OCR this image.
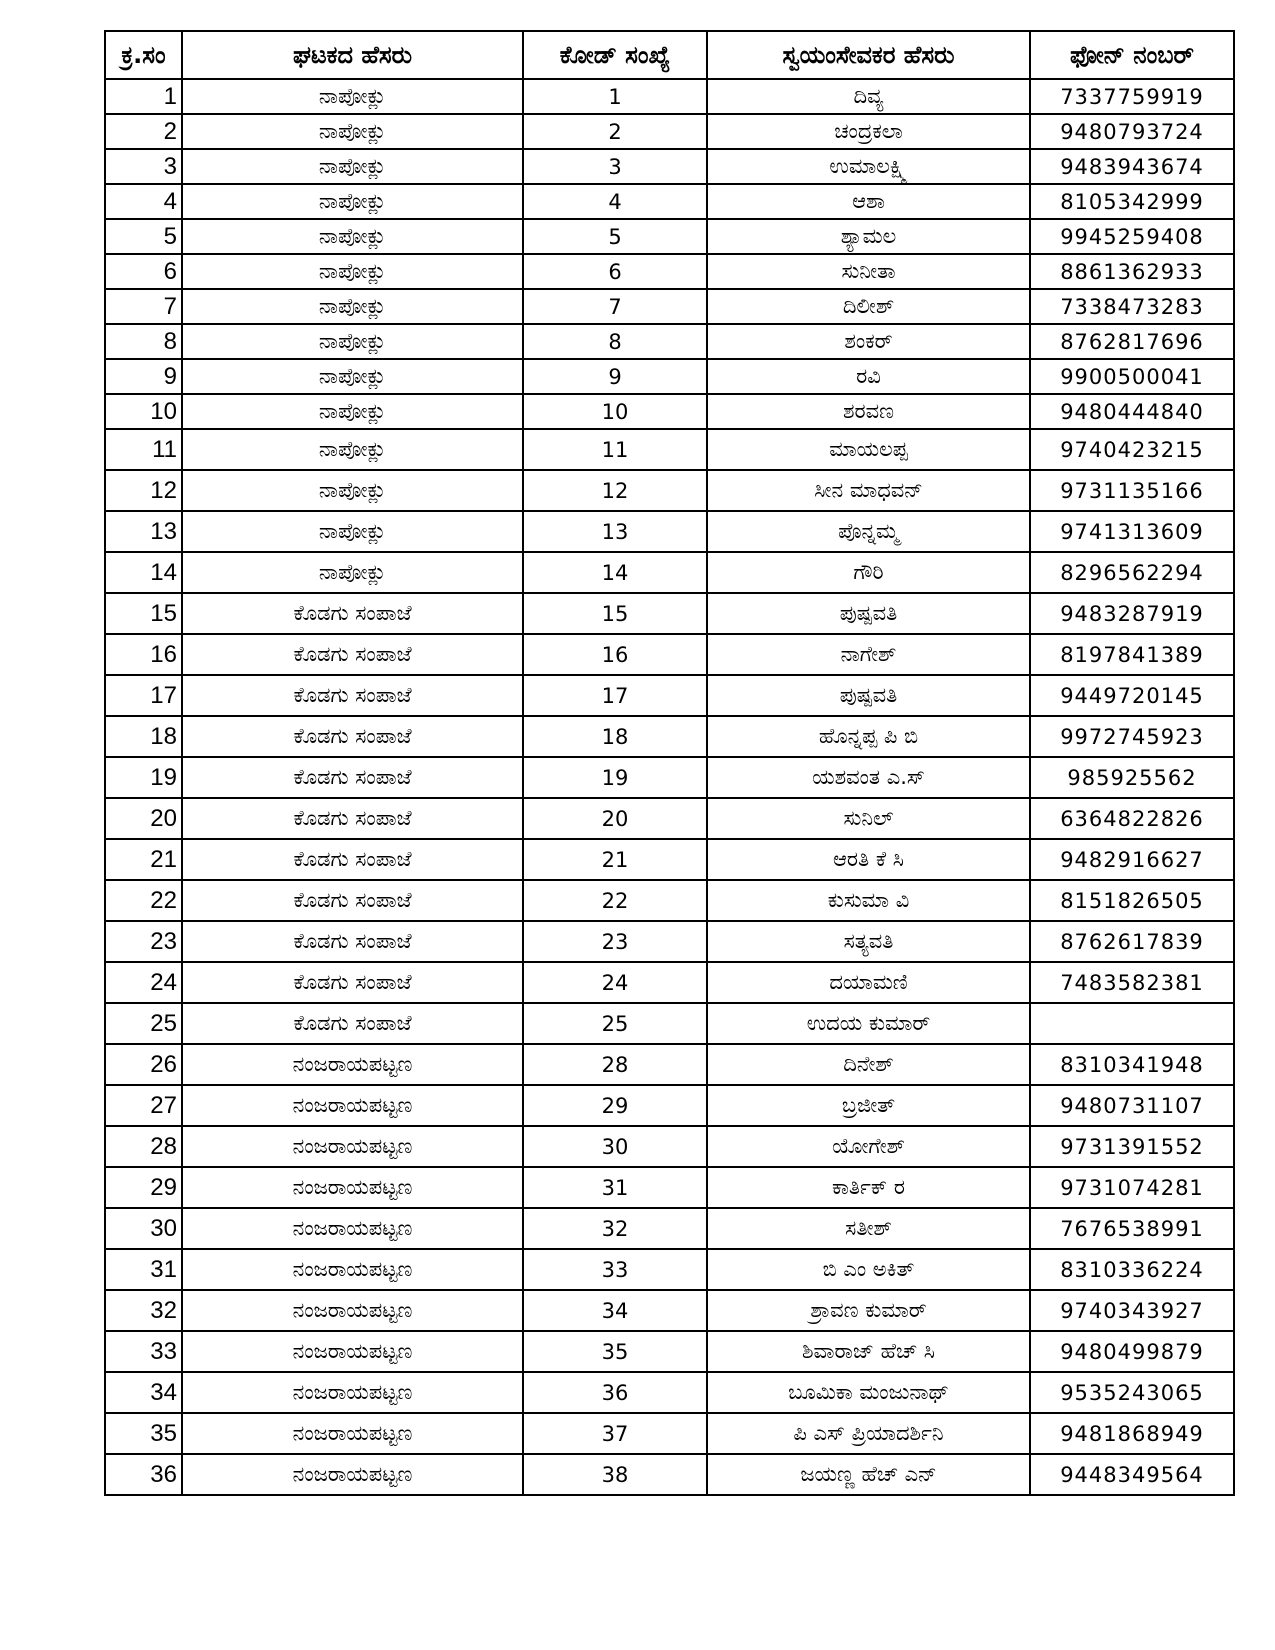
ಕ್ರ.ಸಂ	ಘಟಕದ ಹೆಸರು	ಕೋಡ್ ಸಂಖ್ಯೆ	ಸ್ವಯಂಸೇವಕರ ಹೆಸರು	ಫೋನ್ ನಂಬರ್
1	ನಾಪೋಕ್ಲು	1	ದಿವ್ಯ	7337759919
2	ನಾಪೋಕ್ಲು	2	ಚಂದ್ರಕಲಾ	9480793724
3	ನಾಪೋಕ್ಲು	3	ಉಮಾಲಕ್ಷ್ಮಿ	9483943674
4	ನಾಪೋಕ್ಲು	4	ಆಶಾ	8105342999
5	ನಾಪೋಕ್ಲು	5	ಶ್ಯಾಮಲ	9945259408
6	ನಾಪೋಕ್ಲು	6	ಸುನೀತಾ	8861362933
7	ನಾಪೋಕ್ಲು	7	ದಿಲೀಶ್	7338473283
8	ನಾಪೋಕ್ಲು	8	ಶಂಕರ್	8762817696
9	ನಾಪೋಕ್ಲು	9	ರವಿ	9900500041
10	ನಾಪೋಕ್ಲು	10	ಶರವಣ	9480444840
11	ನಾಪೋಕ್ಲು	11	ಮಾಯಲಪ್ಪ	9740423215
12	ನಾಪೋಕ್ಲು	12	ಸೀನ ಮಾಧವನ್	9731135166
13	ನಾಪೋಕ್ಲು	13	ಪೊನ್ನಮ್ಮ	9741313609
14	ನಾಪೋಕ್ಲು	14	ಗೌರಿ	8296562294
15	ಕೊಡಗು ಸಂಪಾಜೆ	15	ಪುಷ್ಪವತಿ	9483287919
16	ಕೊಡಗು ಸಂಪಾಜೆ	16	ನಾಗೇಶ್	8197841389
17	ಕೊಡಗು ಸಂಪಾಜೆ	17	ಪುಷ್ಪವತಿ	9449720145
18	ಕೊಡಗು ಸಂಪಾಜೆ	18	ಹೊನ್ನಪ್ಪ ಪಿ ಬಿ	9972745923
19	ಕೊಡಗು ಸಂಪಾಜೆ	19	ಯಶವಂತ ಎ.ಸ್	985925562
20	ಕೊಡಗು ಸಂಪಾಜೆ	20	ಸುನಿಲ್	6364822826
21	ಕೊಡಗು ಸಂಪಾಜೆ	21	ಆರತಿ ಕೆ ಸಿ	9482916627
22	ಕೊಡಗು ಸಂಪಾಜೆ	22	ಕುಸುಮಾ ವಿ	8151826505
23	ಕೊಡಗು ಸಂಪಾಜೆ	23	ಸತ್ಯವತಿ	8762617839
24	ಕೊಡಗು ಸಂಪಾಜೆ	24	ದಯಾಮಣಿ	7483582381
25	ಕೊಡಗು ಸಂಪಾಜೆ	25	ಉದಯ ಕುಮಾರ್	
26	ನಂಜರಾಯಪಟ್ಟಣ	28	ದಿನೇಶ್	8310341948
27	ನಂಜರಾಯಪಟ್ಟಣ	29	ಬ್ರಜೀತ್	9480731107
28	ನಂಜರಾಯಪಟ್ಟಣ	30	ಯೋಗೇಶ್	9731391552
29	ನಂಜರಾಯಪಟ್ಟಣ	31	ಕಾರ್ತಿಕ್ ರ	9731074281
30	ನಂಜರಾಯಪಟ್ಟಣ	32	ಸತೀಶ್	7676538991
31	ನಂಜರಾಯಪಟ್ಟಣ	33	ಬಿ ಎಂ ಅಕಿತ್	8310336224
32	ನಂಜರಾಯಪಟ್ಟಣ	34	ಶ್ರಾವಣ ಕುಮಾರ್	9740343927
33	ನಂಜರಾಯಪಟ್ಟಣ	35	ಶಿವಾರಾಜ್ ಹೆಚ್ ಸಿ	9480499879
34	ನಂಜರಾಯಪಟ್ಟಣ	36	ಬೂಮಿಕಾ ಮಂಜುನಾಥ್	9535243065
35	ನಂಜರಾಯಪಟ್ಟಣ	37	ಪಿ ಎಸ್ ಪ್ರಿಯಾದರ್ಶಿನಿ	9481868949
36	ನಂಜರಾಯಪಟ್ಟಣ	38	ಜಯಣ್ಣ ಹೆಚ್ ಎನ್	9448349564
